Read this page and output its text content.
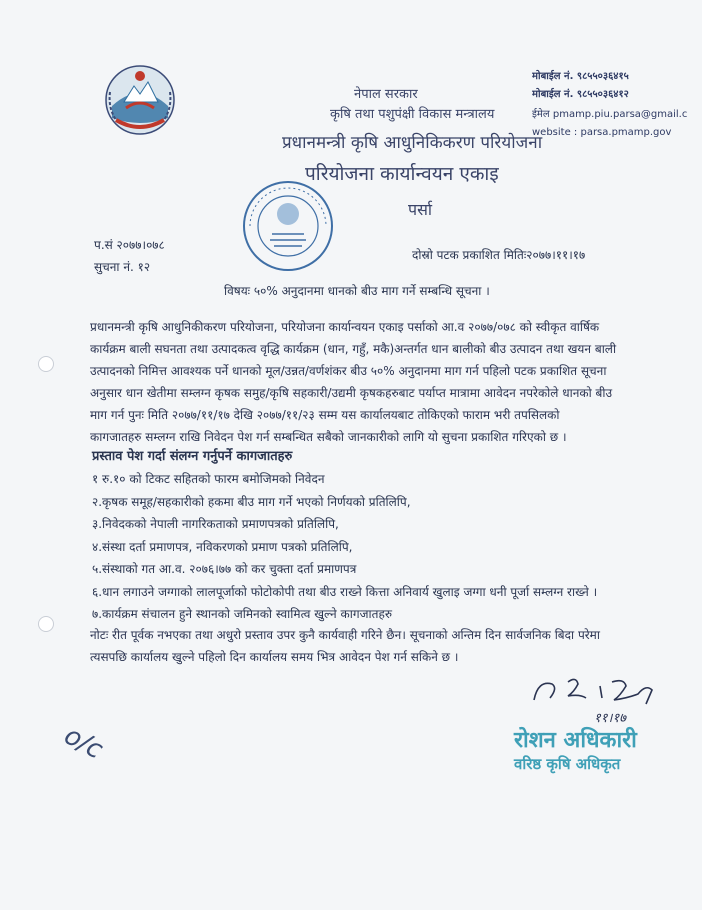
नेपाल सरकार
कृषि तथा पशुपंक्षी विकास मन्त्रालय
प्रधानमन्त्री कृषि आधुनिकिकरण परियोजना
परियोजना कार्यान्वयन एकाइ
पर्सा
मोबाईल नं. ९८५५०३६४१५
मोबाईल नं. ९८५५०३६४१२
ईमेल pmamp.piu.parsa@gmail.c
website : parsa.pmamp.gov
प.सं २०७७।०७८
सुचना नं. १२
दोस्रो पटक प्रकाशित मितिः२०७७।११।१७
विषयः ५०% अनुदानमा धानको बीउ माग गर्ने सम्बन्धि सूचना ।
प्रधानमन्त्री कृषि आधुनिकीकरण परियोजना, परियोजना कार्यान्वयन एकाइ पर्साको आ.व २०७७/०७८ को स्वीकृत वार्षिक
कार्यक्रम बाली सघनता तथा उत्पादकत्व वृद्धि कार्यक्रम (धान, गहुँ, मकै)अन्तर्गत धान बालीको बीउ उत्पादन तथा खयन बाली
उत्पादनको निमित्त आवश्यक पर्ने धानको मूल/उन्नत/वर्णशंकर बीउ ५०% अनुदानमा माग गर्न पहिलो पटक प्रकाशित सूचना
अनुसार धान खेतीमा सम्लग्न कृषक समुह/कृषि सहकारी/उद्यमी कृषकहरुबाट पर्याप्त मात्रामा आवेदन नपरेकोले धानको बीउ
माग गर्न पुनः मिति २०७७/११/१७ देखि २०७७/११/२३ सम्म यस कार्यालयबाट तोकिएको फाराम भरी तपसिलको
कागजातहरु सम्लग्न राखि निवेदन पेश गर्न सम्बन्धित सबैको जानकारीको लागि यो सुचना प्रकाशित गरिएको छ ।
प्रस्ताव पेश गर्दा संलग्न गर्नुपर्ने कागजातहरु
१ रु.१० को टिकट सहितको फारम बमोजिमको निवेदन
२.कृषक समूह/सहकारीको हकमा बीउ माग गर्ने भएको निर्णयको प्रतिलिपि,
३.निवेदकको नेपाली नागरिकताको प्रमाणपत्रको प्रतिलिपि,
४.संस्था दर्ता प्रमाणपत्र, नविकरणको प्रमाण पत्रको प्रतिलिपि,
५.संस्थाको गत आ.व. २०७६।७७ को कर चुक्ता दर्ता प्रमाणपत्र
६.धान लगाउने जग्गाको लालपूर्जाको फोटोकोपी तथा बीउ राख्ने कित्ता अनिवार्य खुलाइ जग्गा धनी पूर्जा सम्लग्न राख्ने ।
७.कार्यक्रम संचालन हुने स्थानको जमिनको स्वामित्व खुल्ने कागजातहरु
नोटः रीत पूर्वक नभएका तथा अधुरो प्रस्ताव उपर कुनै कार्यवाही गरिने छैन। सूचनाको अन्तिम दिन सार्वजनिक बिदा परेमा
त्यसपछि कार्यालय खुल्ने पहिलो दिन कार्यालय समय भित्र आवेदन पेश गर्न सकिने छ ।
११।१७
रोशन अधिकारी
वरिष्ठ कृषि अधिकृत
o/c
